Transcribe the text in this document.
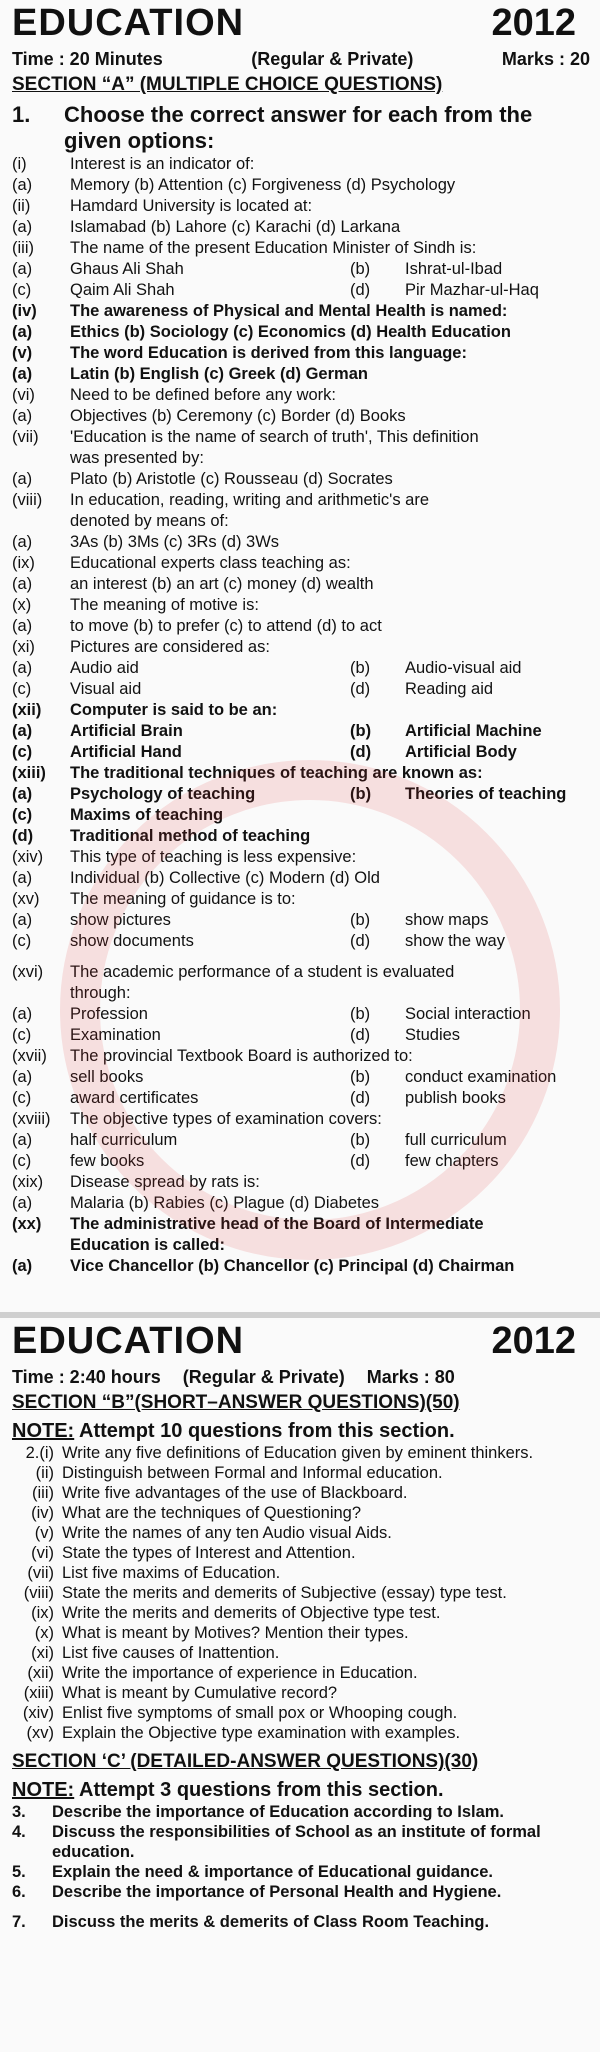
EDUCATION	2012
Time : 20 Minutes	(Regular & Private)	Marks : 20
SECTION “A” (MULTIPLE CHOICE QUESTIONS)
1.	Choose the correct answer for each from the given options:
(i)	Interest is an indicator of:
(a)	Memory (b) Attention (c) Forgiveness (d) Psychology
(ii)	Hamdard University is located at:
(a)	Islamabad (b) Lahore (c) Karachi (d) Larkana
(iii)	The name of the present Education Minister of Sindh is:
(a)	Ghaus Ali Shah	(b)	Ishrat-ul-Ibad
(c)	Qaim Ali Shah	(d)	Pir Mazhar-ul-Haq
(iv)	The awareness of Physical and Mental Health is named:
(a)	Ethics (b) Sociology (c) Economics (d) Health Education
(v)	The word Education is derived from this language:
(a)	Latin (b) English (c) Greek (d) German
(vi)	Need to be defined before any work:
(a)	Objectives (b) Ceremony (c) Border (d) Books
(vii)	'Education is the name of search of truth', This definition
was presented by:
(a)	Plato (b) Aristotle (c) Rousseau (d) Socrates
(viii)	In education, reading, writing and arithmetic's are
denoted by means of:
(a)	3As (b) 3Ms (c) 3Rs (d) 3Ws
(ix)	Educational experts class teaching as:
(a)	an interest (b) an art (c) money (d) wealth
(x)	The meaning of motive is:
(a)	to move (b) to prefer (c) to attend (d) to act
(xi)	Pictures are considered as:
(a)	Audio aid	(b)	Audio-visual aid
(c)	Visual aid	(d)	Reading aid
(xii)	Computer is said to be an:
(a)	Artificial Brain	(b)	Artificial Machine
(c)	Artificial Hand	(d)	Artificial Body
(xiii)	The traditional techniques of teaching are known as:
(a)	Psychology of teaching	(b)	Theories of teaching
(c)	Maxims of teaching
(d)	Traditional method of teaching
(xiv)	This type of teaching is less expensive:
(a)	Individual (b) Collective (c) Modern (d) Old
(xv)	The meaning of guidance is to:
(a)	show pictures	(b)	show maps
(c)	show documents	(d)	show the way
(xvi)	The academic performance of a student is evaluated
through:
(a)	Profession	(b)	Social interaction
(c)	Examination	(d)	Studies
(xvii)	The provincial Textbook Board is authorized to:
(a)	sell books	(b)	conduct examination
(c)	award certificates	(d)	publish books
(xviii)	The objective types of examination covers:
(a)	half curriculum	(b)	full curriculum
(c)	few books	(d)	few chapters
(xix)	Disease spread by rats is:
(a)	Malaria (b) Rabies (c) Plague (d) Diabetes
(xx)	The administrative head of the Board of Intermediate
Education is called:
(a)	Vice Chancellor (b) Chancellor (c) Principal (d) Chairman
EDUCATION	2012
Time : 2:40 hours (Regular & Private) Marks : 80
SECTION “B”(SHORT–ANSWER QUESTIONS)(50)
NOTE: Attempt 10 questions from this section.
2.(i) Write any five definitions of Education given by eminent thinkers.
(ii) Distinguish between Formal and Informal education.
(iii) Write five advantages of the use of Blackboard.
(iv) What are the techniques of Questioning?
(v) Write the names of any ten Audio visual Aids.
(vi) State the types of Interest and Attention.
(vii) List five maxims of Education.
(viii) State the merits and demerits of Subjective (essay) type test.
(ix) Write the merits and demerits of Objective type test.
(x) What is meant by Motives? Mention their types.
(xi) List five causes of Inattention.
(xii) Write the importance of experience in Education.
(xiii) What is meant by Cumulative record?
(xiv) Enlist five symptoms of small pox or Whooping cough.
(xv) Explain the Objective type examination with examples.
SECTION ‘C’ (DETAILED-ANSWER QUESTIONS)(30)
NOTE: Attempt 3 questions from this section.
3.	Describe the importance of Education according to Islam.
4.	Discuss the responsibilities of School as an institute of formal education.
5.	Explain the need & importance of Educational guidance.
6.	Describe the importance of Personal Health and Hygiene.
7.	Discuss the merits & demerits of Class Room Teaching.
